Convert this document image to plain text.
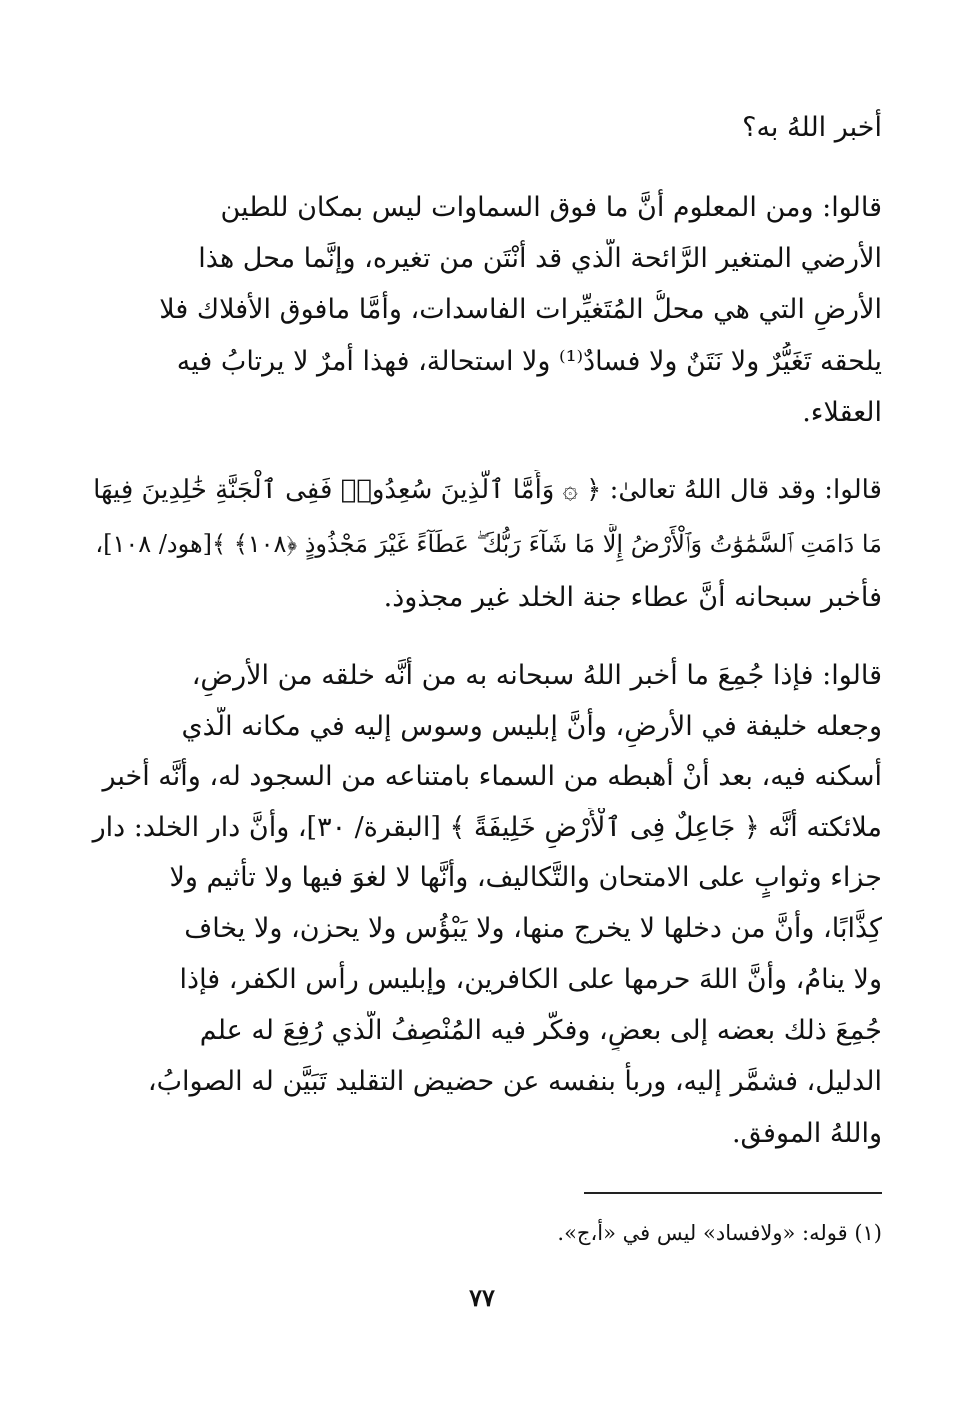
أخبر اللهُ به؟
قالوا: ومن المعلوم أنَّ ما فوق السماوات ليس بمكان للطين
الأرضي المتغير الرَّائحة الَّذي قد أنْتَن من تغيره، وإنَّما محل هذا
الأرضِ التي هي محلُّ المُتَغيِّرات الفاسدات، وأمَّا مافوق الأفلاك فلا
يلحقه تَغَيُّرٌ ولا نَتَنٌ ولا فسادٌ⁽¹⁾ ولا استحالة، فهذا أمرٌ لا يرتابُ فيه
العقلاء.
قالوا: وقد قال اللهُ تعالىٰ: ﴿ ۞ وَأَمَّا ٱلَّذِينَ سُعِدُوا۟ فَفِى ٱلْجَنَّةِ خَٰلِدِينَ فِيهَا
مَا دَامَتِ ٱلسَّمَٰوَٰتُ وَٱلْأَرْضُ إِلَّا مَا شَآءَ رَبُّكَ ۖ عَطَآءً غَيْرَ مَجْذُوذٍ ﴿١٠٨﴾ ﴾[هود/ ١٠٨]،
فأخبر سبحانه أنَّ عطاء جنة الخلد غير مجذوذ.
قالوا: فإذا جُمِعَ ما أخبر اللهُ سبحانه به من أنَّه خلقه من الأرضِ،
وجعله خليفة في الأرضِ، وأنَّ إبليس وسوس إليه في مكانه الَّذي
أسكنه فيه، بعد أنْ أهبطه من السماء بامتناعه من السجود له، وأنَّه أخبر
ملائكته أنَّه ﴿ جَاعِلٌ فِى ٱلْأَرْضِ خَلِيفَةً ﴾ [البقرة/ ٣٠]، وأنَّ دار الخلد: دار
جزاء وثوابٍ على الامتحان والتَّكاليف، وأنَّها لا لغوَ فيها ولا تأثيم ولا
كِذَّابًا، وأنَّ من دخلها لا يخرج منها، ولا يَبْؤُس ولا يحزن، ولا يخاف
ولا ينامُ، وأنَّ اللهَ حرمها على الكافرين، وإبليس رأس الكفر، فإذا
جُمِعَ ذلك بعضه إلى بعضٍ، وفكَّر فيه المُنْصِفُ الَّذي رُفِعَ له علم
الدليل، فشمَّر إليه، وربأ بنفسه عن حضيض التقليد تَبَيَّن له الصوابُ،
واللهُ الموفق.
(١) قوله: «ولافساد» ليس في «أ،ج».
٧٧
